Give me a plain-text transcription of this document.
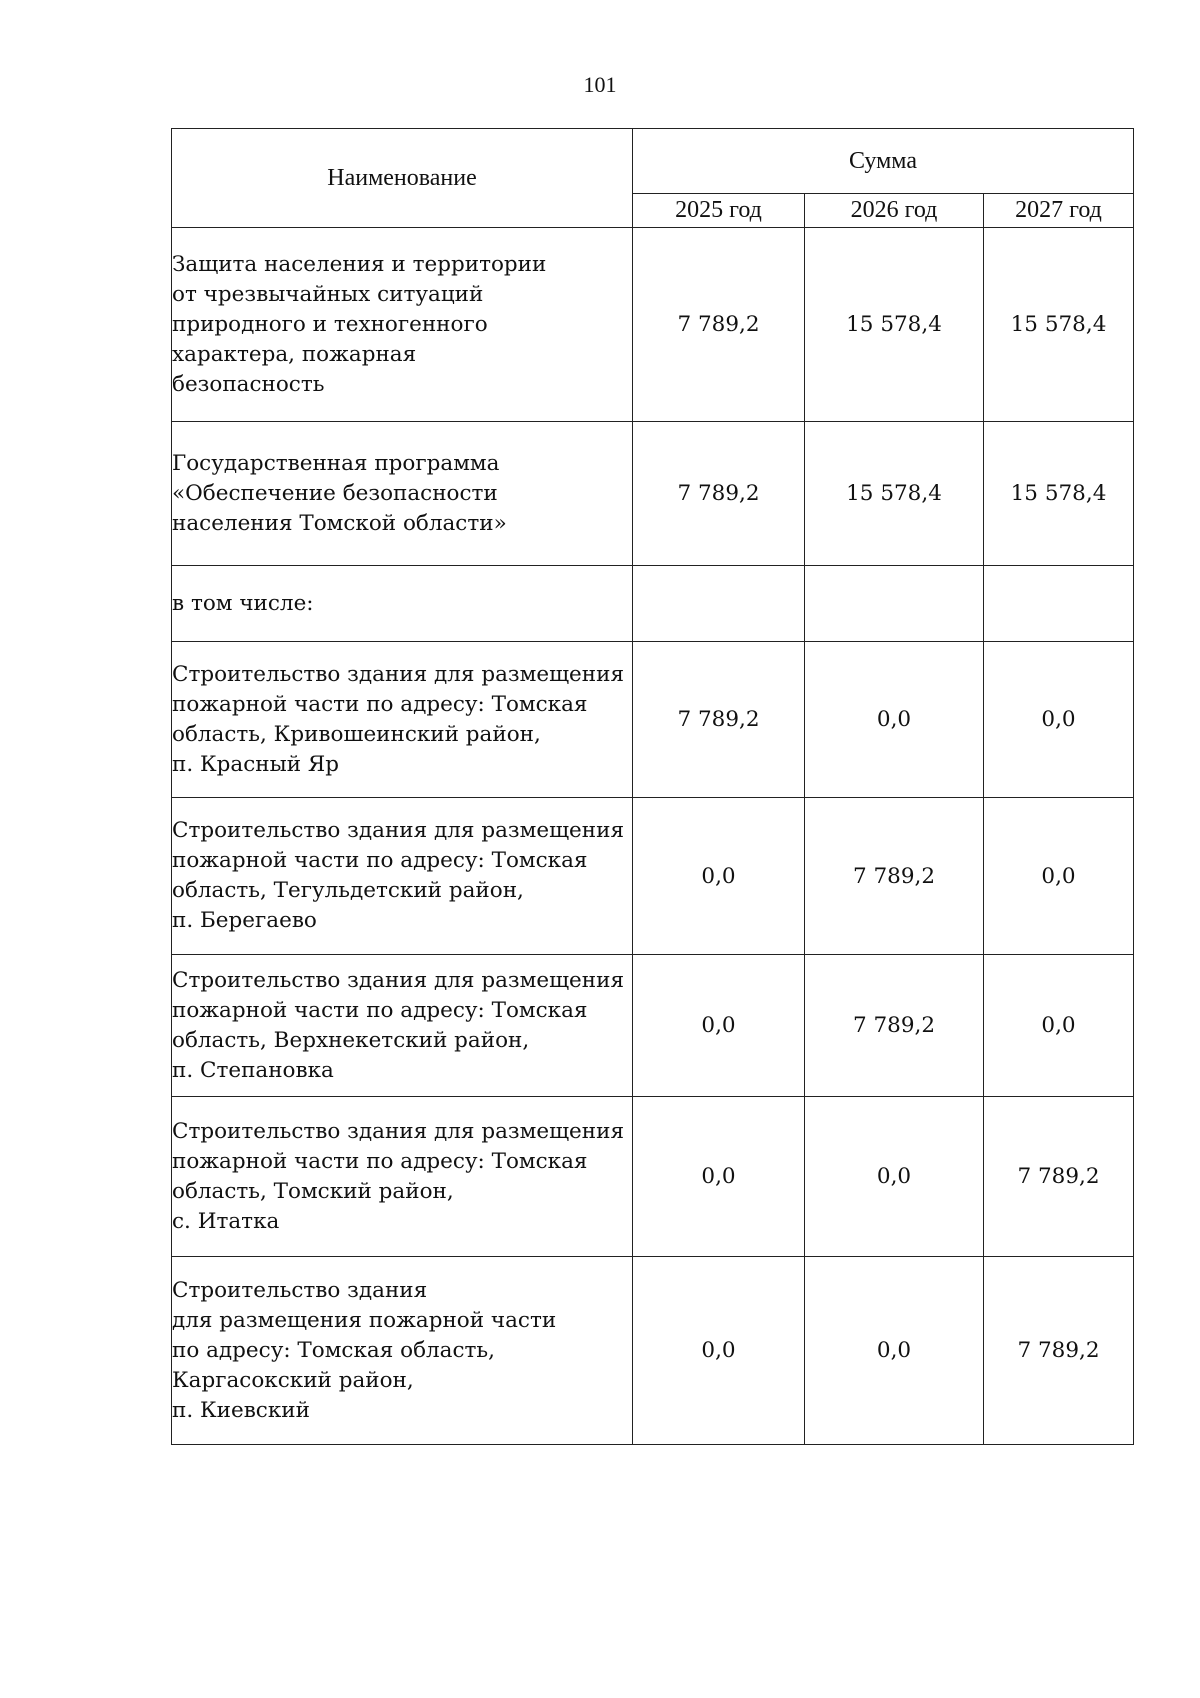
101
Наименование	Сумма		
	2025 год	2026 год	2027 год

Защита населения и территории
от чрезвычайных ситуаций
природного и техногенного
характера, пожарная
безопасность	7 789,2	15 578,4	15 578,4

Государственная программа
«Обеспечение безопасности
населения Томской области»	7 789,2	15 578,4	15 578,4

в том числе:			

Строительство здания для размещения
пожарной части по адресу: Томская
область, Кривошеинский район,
п. Красный Яр	7 789,2	0,0	0,0

Строительство здания для размещения
пожарной части по адресу: Томская
область, Тегульдетский район,
п. Берегаево	0,0	7 789,2	0,0

Строительство здания для размещения
пожарной части по адресу: Томская
область, Верхнекетский район,
п. Степановка	0,0	7 789,2	0,0

Строительство здания для размещения
пожарной части по адресу: Томская
область, Томский район,
с. Итатка	0,0	0,0	7 789,2

Строительство здания
для размещения пожарной части
по адресу: Томская область,
Каргасокский район,
п. Киевский	0,0	0,0	7 789,2
